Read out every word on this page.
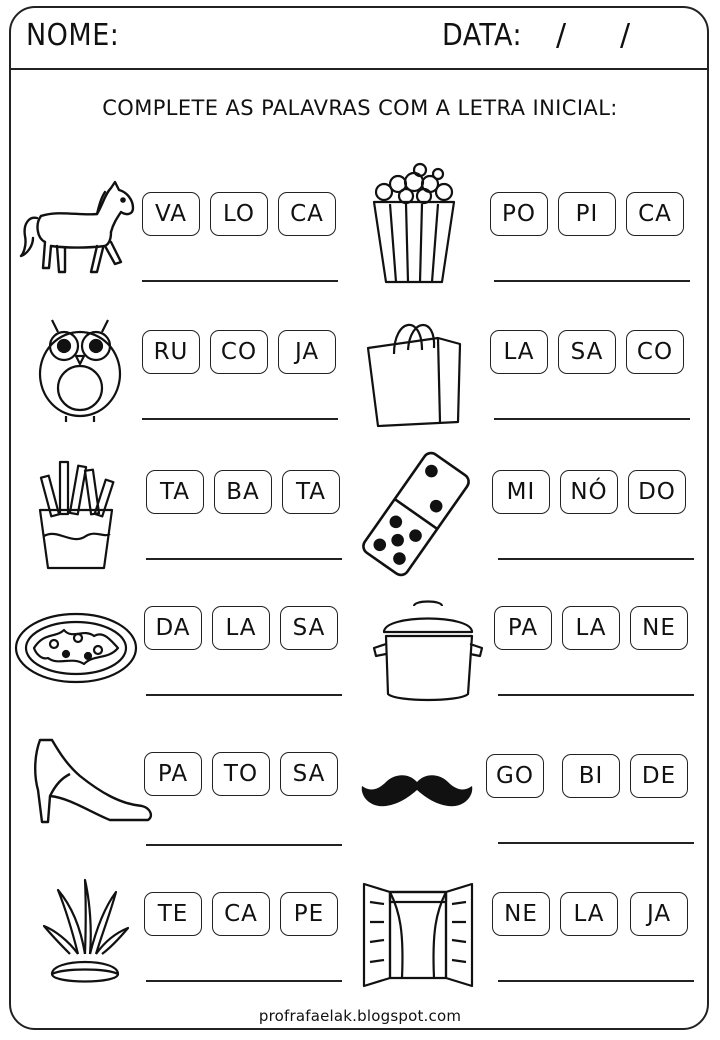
NOME:	DATA: / /
COMPLETE AS PALAVRAS COM A LETRA INICIAL:
VA	LO	CA	PO	PI	CA
RU	CO	JA	LA	SA	CO
TA	BA	TA	MI	NÓ	DO
DA	LA	SA	PA	LA	NE
PA	TO	SA	GO	BI	DE
TE	CA	PE	NE	LA	JA
profrafaelak.blogspot.com
